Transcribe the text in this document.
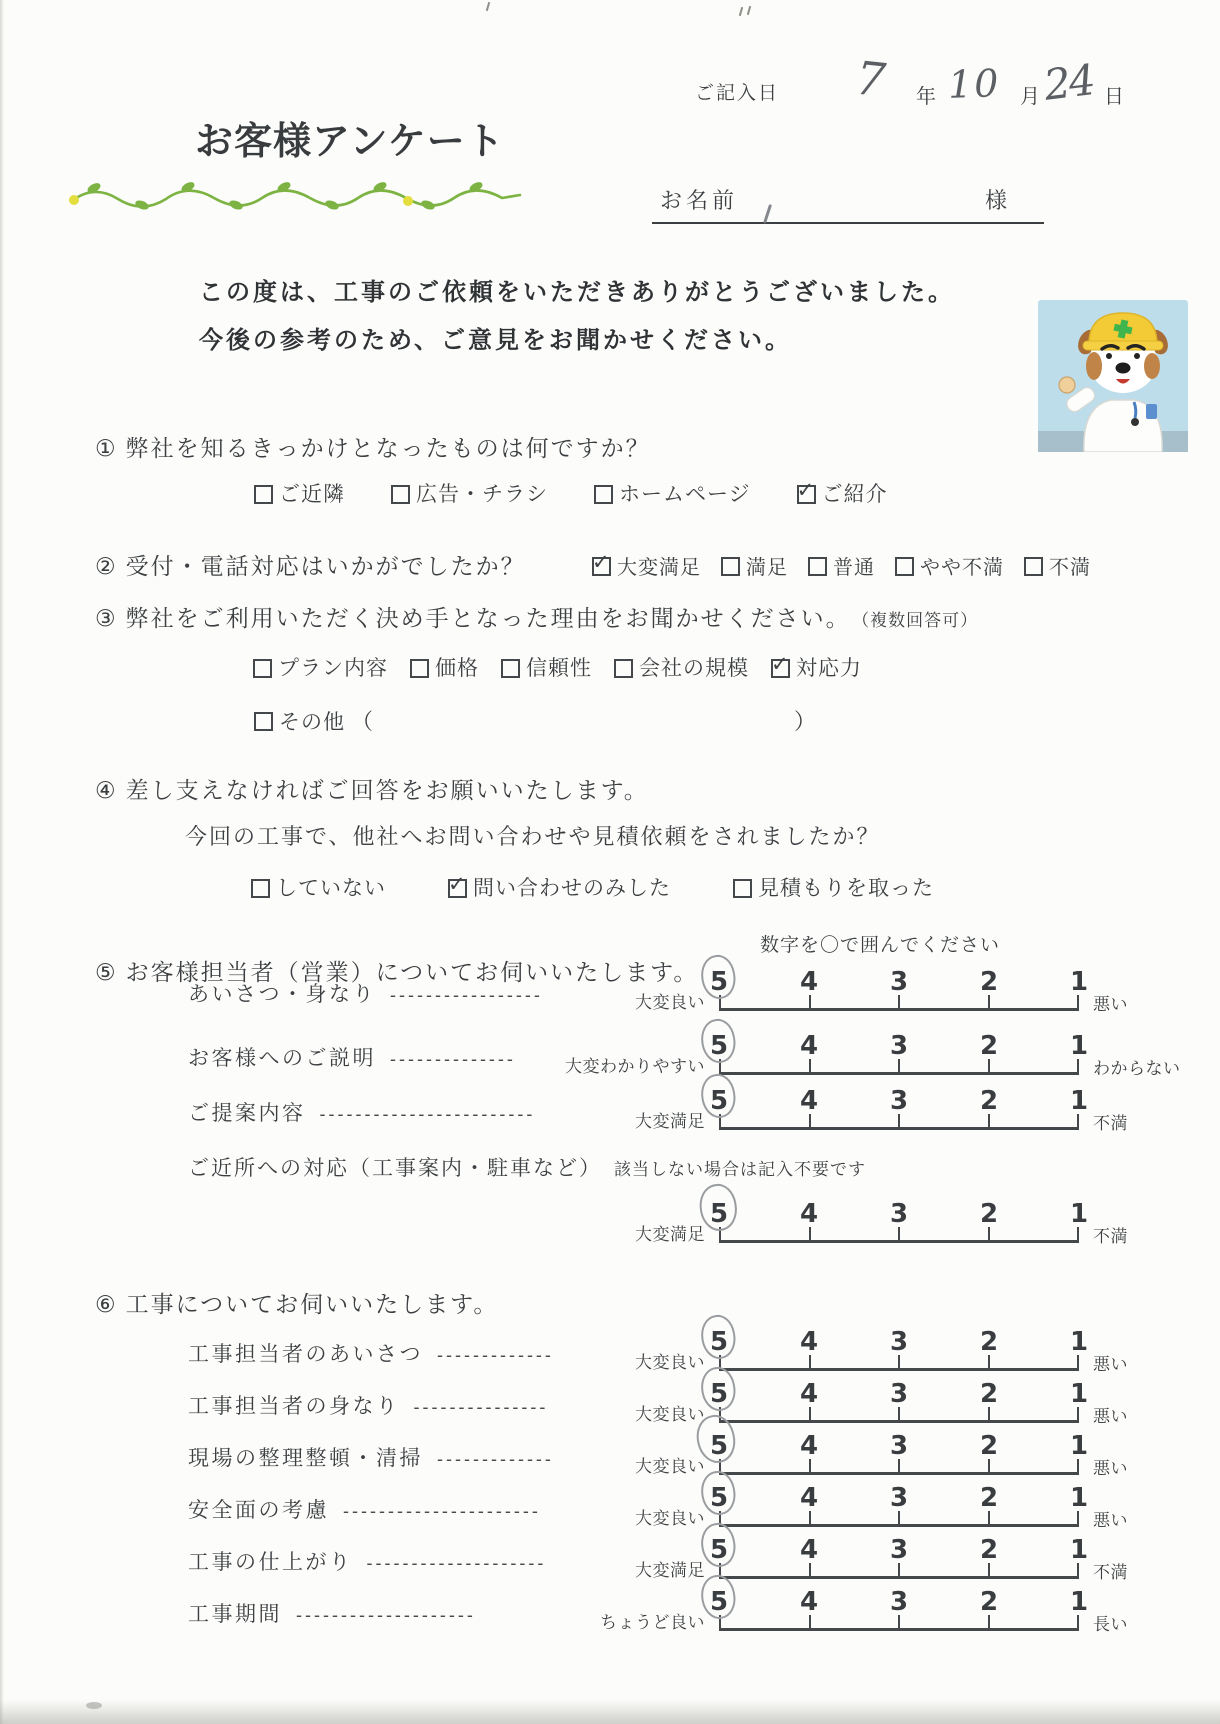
ご記入日 7 年 10 月 24 日
お客様アンケート
お名前	様
この度は、工事のご依頼をいただきありがとうございました。
今後の参考のため、ご意見をお聞かせください。
① 弊社を知るきっかけとなったものは何ですか？
ご近隣	広告・チラシ	ホームページ ✓	ご紹介
② 受付・電話対応はいかがでしたか？ ✓	大変満足 満足 普通 やや不満 不満
③ 弊社をご利用いただく決め手となった理由をお聞かせください。 （複数回答可）
プラン内容 価格 信頼性 会社の規模 ✓ 対応力
その他 （	）
④ 差し支えなければご回答をお願いいたします。
今回の工事で、他社へお問い合わせや見積依頼をされましたか？
していない ✓	問い合わせのみした	見積もりを取った
数字を〇で囲んでください
⑤ お客様担当者（営業）についてお伺いいたします。
あいさつ・身なり -----------------	大変良い
5	4	3	2	1
悪い
お客様へのご説明 --------------	大変わかりやすい
5	4	3	2	1
わからない
ご提案内容 ------------------------	大変満足
5	4	3	2	1
不満
ご近所への対応（工事案内・駐車など） 該当しない場合は記入不要です
大変満足
5	4	3	2	1
不満
⑥ 工事についてお伺いいたします。
工事担当者のあいさつ -------------	大変良い
5	4	3	2	1
悪い
工事担当者の身なり ---------------	大変良い
5	4	3	2	1
悪い
現場の整理整頓・清掃 -------------	大変良い
5	4	3	2	1
悪い
安全面の考慮 ----------------------	大変良い
5	4	3	2	1
悪い
工事の仕上がり --------------------	大変満足
5	4	3	2	1
不満
工事期間 --------------------	ちょうど良い
5	4	3	2	1
長い
